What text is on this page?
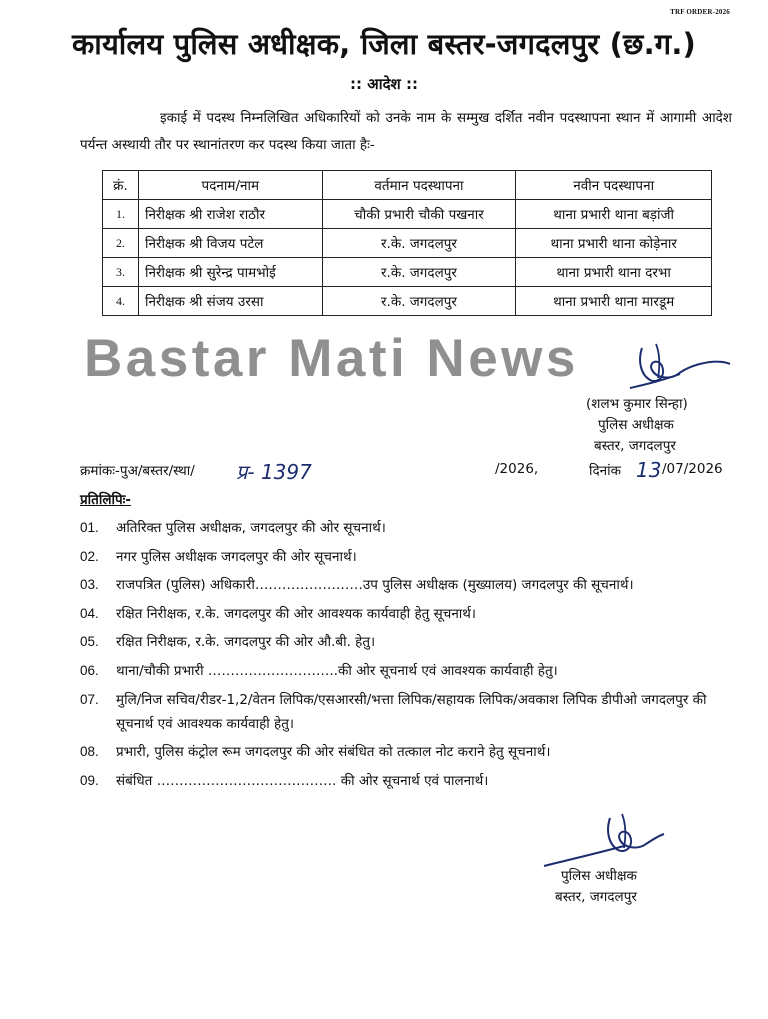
TRF ORDER-2026
कार्यालय पुलिस अधीक्षक, जिला बस्तर-जगदलपुर (छ.ग.)
:: आदेश ::
इकाई में पदस्थ निम्नलिखित अधिकारियों को उनके नाम के सम्मुख दर्शित नवीन पदस्थापना स्थान में आगामी आदेश पर्यन्त अस्थायी तौर पर स्थानांतरण कर पदस्थ किया जाता हैः-
क्रं.	पदनाम/नाम	वर्तमान पदस्थापना	नवीन पदस्थापना
1.	निरीक्षक श्री राजेश राठौर	चौकी प्रभारी चौकी पखनार	थाना प्रभारी थाना बड़ांजी
2.	निरीक्षक श्री विजय पटेल	र.के. जगदलपुर	थाना प्रभारी थाना कोड़ेनार
3.	निरीक्षक श्री सुरेन्द्र पामभोई	र.के. जगदलपुर	थाना प्रभारी थाना दरभा
4.	निरीक्षक श्री संजय उरसा	र.के. जगदलपुर	थाना प्रभारी थाना मारडूम
Bastar Mati News
(शलभ कुमार सिन्हा)
पुलिस अधीक्षक
बस्तर, जगदलपुर
क्रमांकः-पुअ/बस्तर/स्था/ प्र- 1397	/2026,	दिनांक 13 /07/2026
प्रतिलिपिः-
01. अतिरिक्त पुलिस अधीक्षक, जगदलपुर की ओर सूचनार्थ।
02. नगर पुलिस अधीक्षक जगदलपुर की ओर सूचनार्थ।
03. राजपत्रित (पुलिस) अधिकारी……………………उप पुलिस अधीक्षक (मुख्यालय) जगदलपुर की सूचनार्थ।
04. रक्षित निरीक्षक, र.के. जगदलपुर की ओर आवश्यक कार्यवाही हेतु सूचनार्थ।
05. रक्षित निरीक्षक, र.के. जगदलपुर की ओर औ.बी. हेतु।
06. थाना/चौकी प्रभारी ………………………..की ओर सूचनार्थ एवं आवश्यक कार्यवाही हेतु।
07. मुलि/निज सचिव/रीडर-1,2/वेतन लिपिक/एसआरसी/भत्ता लिपिक/सहायक लिपिक/अवकाश लिपिक डीपीओ जगदलपुर की सूचनार्थ एवं आवश्यक कार्यवाही हेतु।
08. प्रभारी, पुलिस कंट्रोल रूम जगदलपुर की ओर संबंधित को तत्काल नोट कराने हेतु सूचनार्थ।
09. संबंधित …………………………………. की ओर सूचनार्थ एवं पालनार्थ।
पुलिस अधीक्षक
बस्तर, जगदलपुर
